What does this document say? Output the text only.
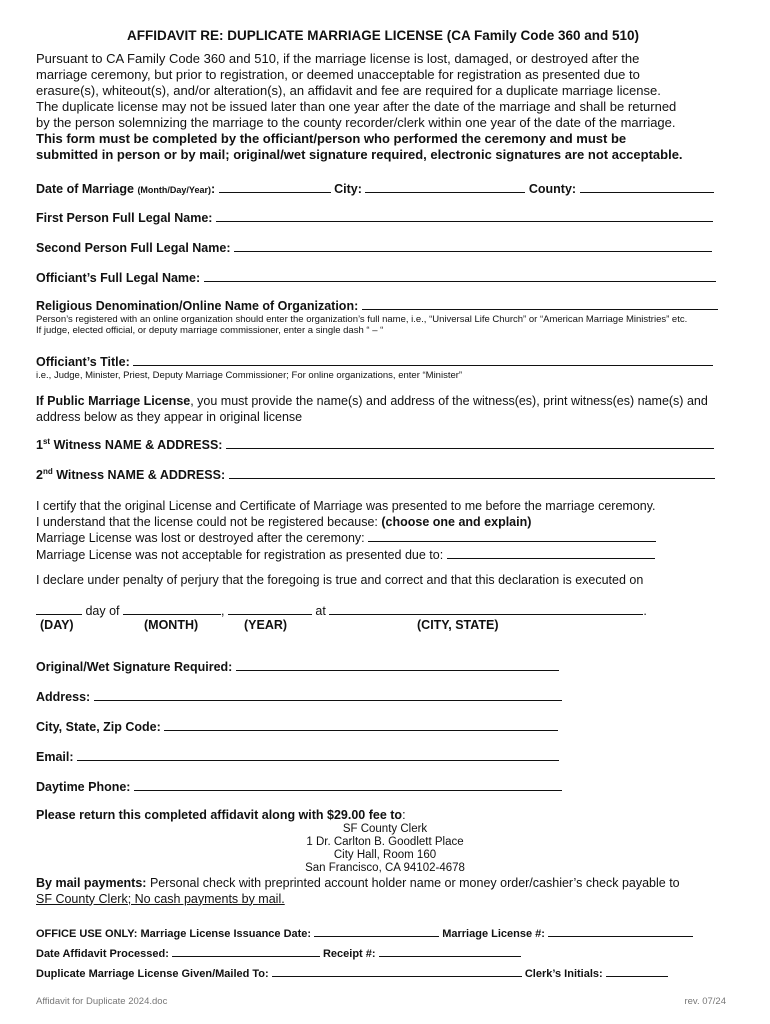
AFFIDAVIT RE: DUPLICATE MARRIAGE LICENSE (CA Family Code 360 and 510)
Pursuant to CA Family Code 360 and 510, if the marriage license is lost, damaged, or destroyed after the
marriage ceremony, but prior to registration, or deemed unacceptable for registration as presented due to
erasure(s), whiteout(s), and/or alteration(s), an affidavit and fee are required for a duplicate marriage license.
The duplicate license may not be issued later than one year after the date of the marriage and shall be returned
by the person solemnizing the marriage to the county recorder/clerk within one year of the date of the marriage.
This form must be completed by the officiant/person who performed the ceremony and must be
submitted in person or by mail; original/wet signature required, electronic signatures are not acceptable.
Date of Marriage (Month/Day/Year):	City:	County:
First Person Full Legal Name:
Second Person Full Legal Name:
Officiant’s Full Legal Name:
Religious Denomination/Online Name of Organization:
Person’s registered with an online organization should enter the organization’s full name, i.e., “Universal Life Church” or “American Marriage Ministries” etc.
If judge, elected official, or deputy marriage commissioner, enter a single dash “ – “
Officiant’s Title:
i.e., Judge, Minister, Priest, Deputy Marriage Commissioner; For online organizations, enter “Minister”
If Public Marriage License, you must provide the name(s) and address of the witness(es), print witness(es) name(s) and
address below as they appear in original license
1st Witness NAME & ADDRESS:
2nd Witness NAME & ADDRESS:
I certify that the original License and Certificate of Marriage was presented to me before the marriage ceremony.
I understand that the license could not be registered because: (choose one and explain)
Marriage License was lost or destroyed after the ceremony:
Marriage License was not acceptable for registration as presented due to:
I declare under penalty of perjury that the foregoing is true and correct and that this declaration is executed on
day of	,	at	.
(DAY)	(MONTH)	(YEAR)	(CITY, STATE)
Original/Wet Signature Required:
Address:
City, State, Zip Code:
Email:
Daytime Phone:
Please return this completed affidavit along with $29.00 fee to:
SF County Clerk
1 Dr. Carlton B. Goodlett Place
City Hall, Room 160
San Francisco, CA 94102-4678
By mail payments: Personal check with preprinted account holder name or money order/cashier’s check payable to
SF County Clerk; No cash payments by mail.
OFFICE USE ONLY: Marriage License Issuance Date:	Marriage License #:
Date Affidavit Processed:	Receipt #:
Duplicate Marriage License Given/Mailed To:	Clerk’s Initials:
Affidavit for Duplicate 2024.doc	rev. 07/24
